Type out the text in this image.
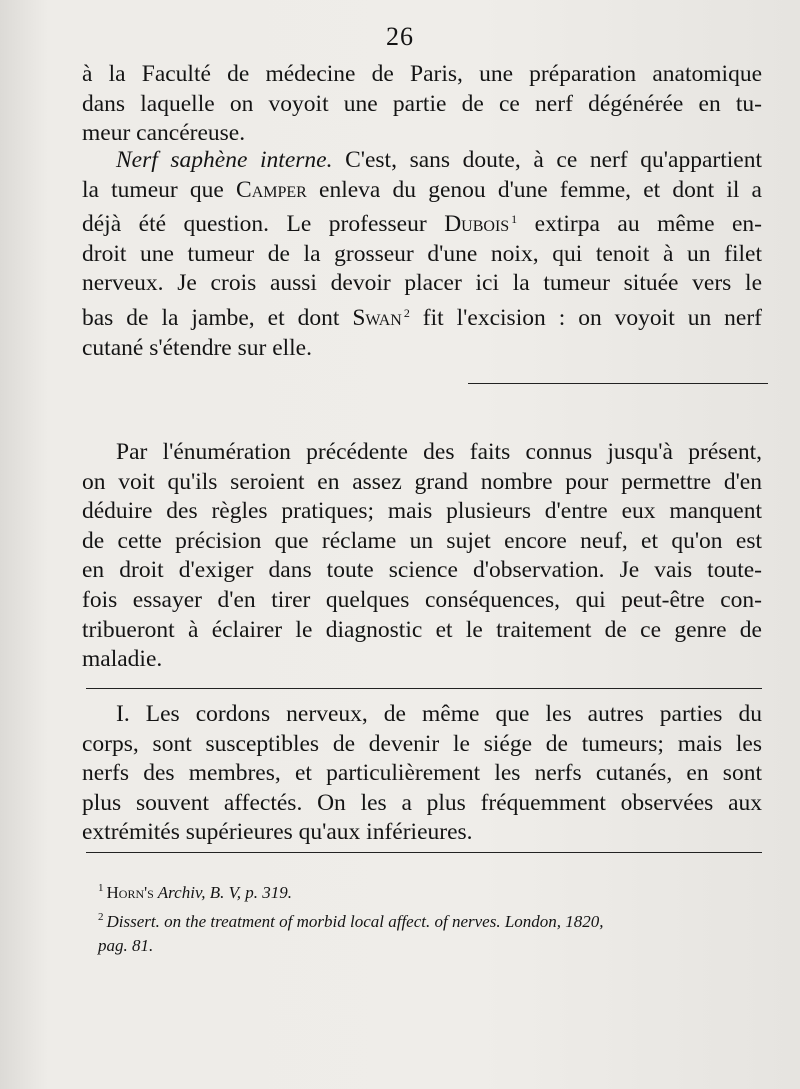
26
à la Faculté de médecine de Paris, une préparation anatomique
dans laquelle on voyoit une partie de ce nerf dégénérée en tu-
meur cancéreuse.
Nerf saphène interne. C'est, sans doute, à ce nerf qu'appartient
la tumeur que Camper enleva du genou d'une femme, et dont il a
déjà été question. Le professeur Dubois $^1$ extirpa au même en-
droit une tumeur de la grosseur d'une noix, qui tenoit à un filet
nerveux. Je crois aussi devoir placer ici la tumeur située vers le
bas de la jambe, et dont Swan $^2$ fit l'excision : on voyoit un nerf
cutané s'étendre sur elle.
Par l'énumération précédente des faits connus jusqu'à présent,
on voit qu'ils seroient en assez grand nombre pour permettre d'en
déduire des règles pratiques; mais plusieurs d'entre eux manquent
de cette précision que réclame un sujet encore neuf, et qu'on est
en droit d'exiger dans toute science d'observation. Je vais toute-
fois essayer d'en tirer quelques conséquences, qui peut-être con-
tribueront à éclairer le diagnostic et le traitement de ce genre de
maladie.
I. Les cordons nerveux, de même que les autres parties du
corps, sont susceptibles de devenir le siége de tumeurs; mais les
nerfs des membres, et particulièrement les nerfs cutanés, en sont
plus souvent affectés. On les a plus fréquemment observées aux
extrémités supérieures qu'aux inférieures.
$^1$ Horn's Archiv, B. V, p. 319.
$^2$ Dissert. on the treatment of morbid local affect. of nerves. London, 1820,
pag. 81.
